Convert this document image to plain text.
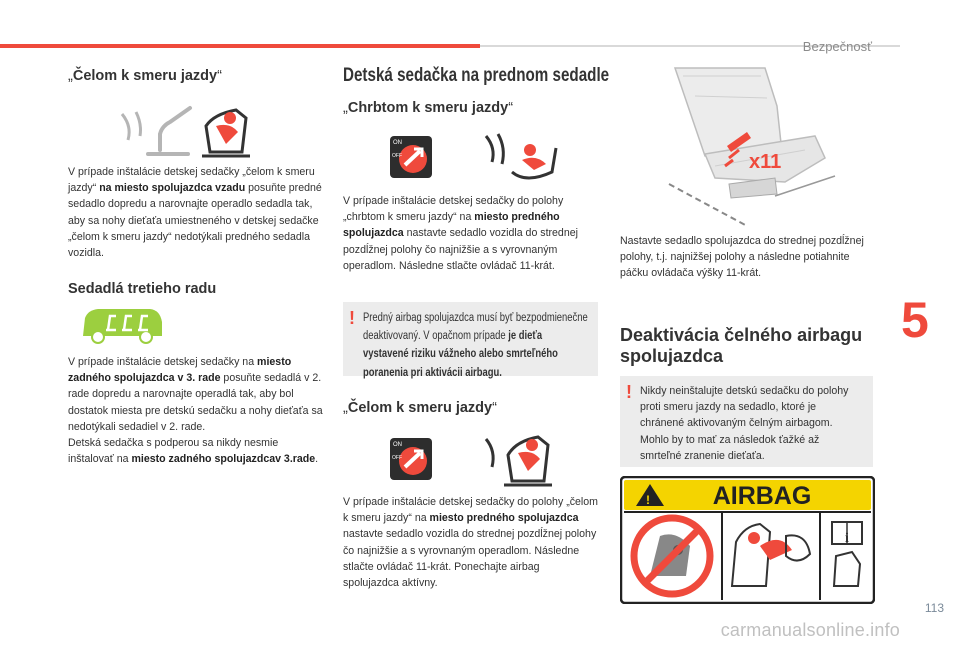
Bezpečnosť
5
113
carmanualsonline.info
„Čelom k smeru jazdy“
V prípade inštalácie detskej sedačky „čelom k smeru jazdy“ na miesto spolujazdca vzadu posuňte predné sedadlo dopredu a narovnajte operadlo sedadla tak, aby sa nohy dieťaťa umiestneného v detskej sedačke „čelom k smeru jazdy“ nedotýkali predného sedadla vozidla.
Sedadlá tretieho radu
V prípade inštalácie detskej sedačky na miesto zadného spolujazdca v 3. rade posuňte sedadlá v 2. rade dopredu a narovnajte operadlá tak, aby bol dostatok miesta pre detskú sedačku a nohy dieťaťa sa nedotýkali sedadiel v 2. rade.
Detská sedačka s podperou sa nikdy nesmie inštalovať na miesto zadného spolujazdcav 3.rade.
Detská sedačka na prednom sedadle
„Chrbtom k smeru jazdy“
ON
OFF
V prípade inštalácie detskej sedačky do polohy „chrbtom k smeru jazdy“ na miesto predného spolujazdca nastavte sedadlo vozidla do strednej pozdĺžnej polohy čo najnižšie a s vyrovnaným operadlom. Následne stlačte ovládač 11-krát.
! Predný airbag spolujazdca musí byť bezpodmienečne deaktivovaný. V opačnom prípade je dieťa vystavené riziku vážneho alebo smrteľného poranenia pri aktivácii airbagu.
„Čelom k smeru jazdy“
ON
OFF
V prípade inštalácie detskej sedačky do polohy „čelom k smeru jazdy“ na miesto predného spolujazdca nastavte sedadlo vozidla do strednej pozdĺžnej polohy čo najnižšie a s vyrovnaným operadlom. Následne stlačte ovládač 11-krát. Ponechajte airbag spolujazdca aktívny.
x11
Nastavte sedadlo spolujazdca do strednej pozdĺžnej polohy, t.j. najnižšej polohy a následne potiahnite páčku ovládača výšky 11-krát.
Deaktivácia čelného airbagu spolujazdca
! Nikdy neinštalujte detskú sedačku do polohy proti smeru jazdy na sedadlo, ktoré je chránené aktivovaným čelným airbagom. Mohlo by to mať za následok ťažké až smrteľné zranenie dieťaťa.
!	AIRBAG
i
